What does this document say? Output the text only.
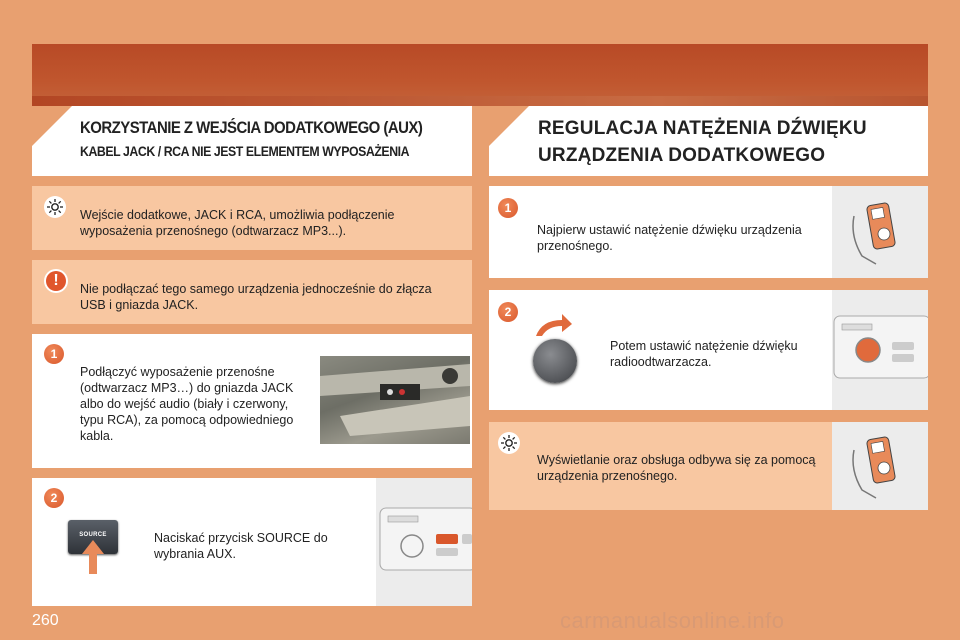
KORZYSTANIE Z WEJŚCIA DODATKOWEGO (AUX)
KABEL JACK / RCA NIE JEST ELEMENTEM WYPOSAŻENIA
REGULACJA NATĘŻENIA DŹWIĘKU
URZĄDZENIA DODATKOWEGO
Wejście dodatkowe, JACK i RCA, umożliwia podłączenie wyposażenia przenośnego (odtwarzacz MP3...).
!	Nie podłączać tego samego urządzenia jednocześnie do złącza USB i gniazda JACK.
1
Podłączyć wyposażenie przenośne (odtwarzacz MP3…) do gniazda JACK albo do wejść audio (biały i czerwony, typu RCA), za pomocą odpowiedniego kabla.
2
SOURCE	Naciskać przycisk SOURCE do wybrania AUX.
1
Najpierw ustawić natężenie dźwięku urządzenia przenośnego.
2
Potem ustawić natężenie dźwięku radioodtwarzacza.
Wyświetlanie oraz obsługa odbywa się za pomocą urządzenia przenośnego.
260	carmanualsonline.info
